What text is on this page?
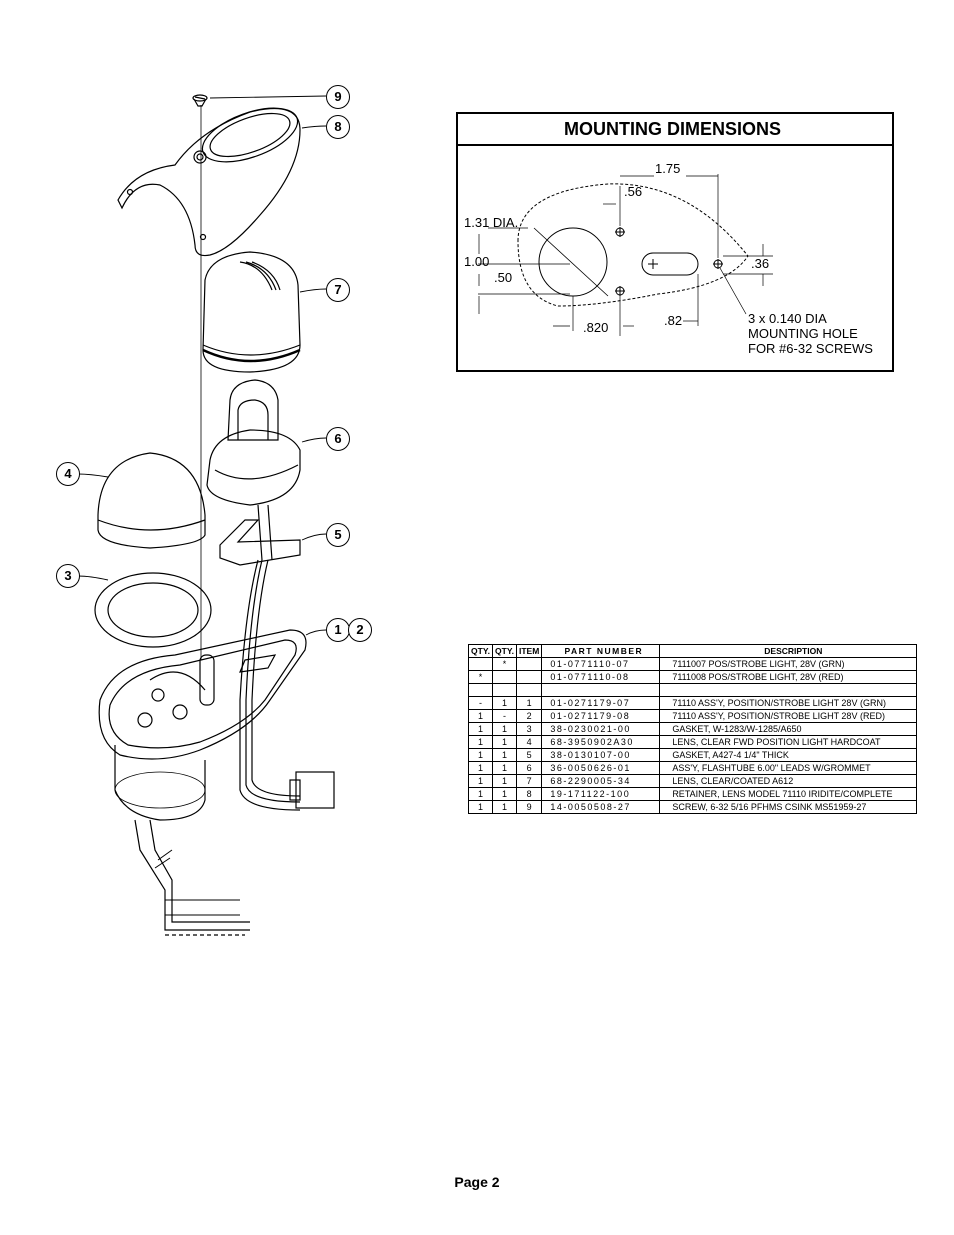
9
8
7
6
5
4
3
1	2
MOUNTING DIMENSIONS
1.75
.56
1.31 DIA.
1.00
.50
.36
.82
.820
3 x 0.140 DIA
MOUNTING HOLE
FOR #6-32 SCREWS
QTY.	QTY.	ITEM	PART NUMBER	DESCRIPTION
	*		01-0771110-07	7111007 POS/STROBE LIGHT, 28V (GRN)
*			01-0771110-08	7111008 POS/STROBE LIGHT, 28V (RED)

-	1	1	01-0271179-07	71110 ASS'Y, POSITION/STROBE LIGHT 28V (GRN)
1	-	2	01-0271179-08	71110 ASS'Y, POSITION/STROBE LIGHT 28V (RED)
1	1	3	38-0230021-00	GASKET, W-1283/W-1285/A650
1	1	4	68-3950902A30	LENS, CLEAR FWD POSITION LIGHT HARDCOAT
1	1	5	38-0130107-00	GASKET, A427-4 1/4" THICK
1	1	6	36-0050626-01	ASS'Y, FLASHTUBE 6.00" LEADS W/GROMMET
1	1	7	68-2290005-34	LENS, CLEAR/COATED A612
1	1	8	19-171122-100	RETAINER, LENS MODEL 71110 IRIDITE/COMPLETE
1	1	9	14-0050508-27	SCREW, 6-32 5/16 PFHMS CSINK MS51959-27
Page 2
